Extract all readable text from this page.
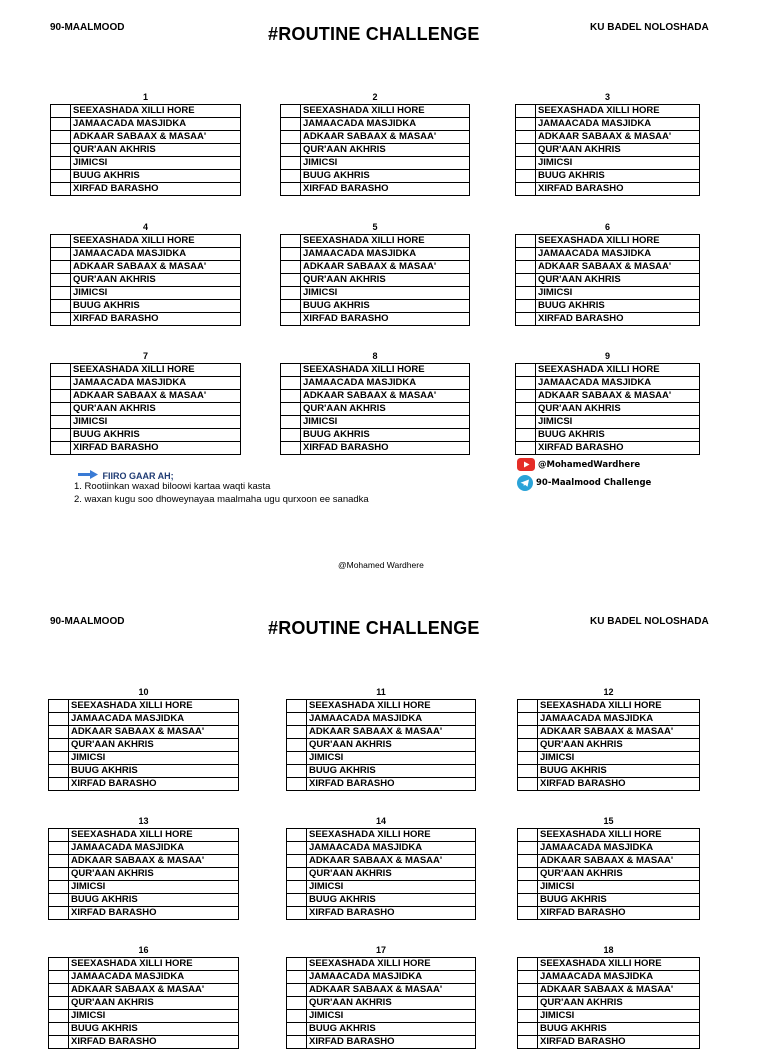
90-MAALMOOD	#ROUTINE CHALLENGE	KU BADEL NOLOSHADA
1
	SEEXASHADA XILLI HORE
	JAMAACADA MASJIDKA
	ADKAAR SABAAX & MASAA'
	QUR'AAN AKHRIS
	JIMICSI
	BUUG AKHRIS
	XIRFAD BARASHO
2
	SEEXASHADA XILLI HORE
	JAMAACADA MASJIDKA
	ADKAAR SABAAX & MASAA'
	QUR'AAN AKHRIS
	JIMICSI
	BUUG AKHRIS
	XIRFAD BARASHO
3
	SEEXASHADA XILLI HORE
	JAMAACADA MASJIDKA
	ADKAAR SABAAX & MASAA'
	QUR'AAN AKHRIS
	JIMICSI
	BUUG AKHRIS
	XIRFAD BARASHO
4
	SEEXASHADA XILLI HORE
	JAMAACADA MASJIDKA
	ADKAAR SABAAX & MASAA'
	QUR'AAN AKHRIS
	JIMICSI
	BUUG AKHRIS
	XIRFAD BARASHO
5
	SEEXASHADA XILLI HORE
	JAMAACADA MASJIDKA
	ADKAAR SABAAX & MASAA'
	QUR'AAN AKHRIS
	JIMICSI
	BUUG AKHRIS
	XIRFAD BARASHO
6
	SEEXASHADA XILLI HORE
	JAMAACADA MASJIDKA
	ADKAAR SABAAX & MASAA'
	QUR'AAN AKHRIS
	JIMICSI
	BUUG AKHRIS
	XIRFAD BARASHO
7
	SEEXASHADA XILLI HORE
	JAMAACADA MASJIDKA
	ADKAAR SABAAX & MASAA'
	QUR'AAN AKHRIS
	JIMICSI
	BUUG AKHRIS
	XIRFAD BARASHO
8
	SEEXASHADA XILLI HORE
	JAMAACADA MASJIDKA
	ADKAAR SABAAX & MASAA'
	QUR'AAN AKHRIS
	JIMICSI
	BUUG AKHRIS
	XIRFAD BARASHO
9
	SEEXASHADA XILLI HORE
	JAMAACADA MASJIDKA
	ADKAAR SABAAX & MASAA'
	QUR'AAN AKHRIS
	JIMICSI
	BUUG AKHRIS
	XIRFAD BARASHO
FIIRO GAAR AH;
1. Rootiinkan waxad biloowi kartaa waqti kasta
2. waxan kugu soo dhoweynayaa maalmaha ugu qurxoon ee sanadka
@MohamedWardhere
90-Maalmood Challenge
@Mohamed Wardhere
90-MAALMOOD	#ROUTINE CHALLENGE	KU BADEL NOLOSHADA
10
	SEEXASHADA XILLI HORE
	JAMAACADA MASJIDKA
	ADKAAR SABAAX & MASAA'
	QUR'AAN AKHRIS
	JIMICSI
	BUUG AKHRIS
	XIRFAD BARASHO
11
	SEEXASHADA XILLI HORE
	JAMAACADA MASJIDKA
	ADKAAR SABAAX & MASAA'
	QUR'AAN AKHRIS
	JIMICSI
	BUUG AKHRIS
	XIRFAD BARASHO
12
	SEEXASHADA XILLI HORE
	JAMAACADA MASJIDKA
	ADKAAR SABAAX & MASAA'
	QUR'AAN AKHRIS
	JIMICSI
	BUUG AKHRIS
	XIRFAD BARASHO
13
	SEEXASHADA XILLI HORE
	JAMAACADA MASJIDKA
	ADKAAR SABAAX & MASAA'
	QUR'AAN AKHRIS
	JIMICSI
	BUUG AKHRIS
	XIRFAD BARASHO
14
	SEEXASHADA XILLI HORE
	JAMAACADA MASJIDKA
	ADKAAR SABAAX & MASAA'
	QUR'AAN AKHRIS
	JIMICSI
	BUUG AKHRIS
	XIRFAD BARASHO
15
	SEEXASHADA XILLI HORE
	JAMAACADA MASJIDKA
	ADKAAR SABAAX & MASAA'
	QUR'AAN AKHRIS
	JIMICSI
	BUUG AKHRIS
	XIRFAD BARASHO
16
	SEEXASHADA XILLI HORE
	JAMAACADA MASJIDKA
	ADKAAR SABAAX & MASAA'
	QUR'AAN AKHRIS
	JIMICSI
	BUUG AKHRIS
	XIRFAD BARASHO
17
	SEEXASHADA XILLI HORE
	JAMAACADA MASJIDKA
	ADKAAR SABAAX & MASAA'
	QUR'AAN AKHRIS
	JIMICSI
	BUUG AKHRIS
	XIRFAD BARASHO
18
	SEEXASHADA XILLI HORE
	JAMAACADA MASJIDKA
	ADKAAR SABAAX & MASAA'
	QUR'AAN AKHRIS
	JIMICSI
	BUUG AKHRIS
	XIRFAD BARASHO
